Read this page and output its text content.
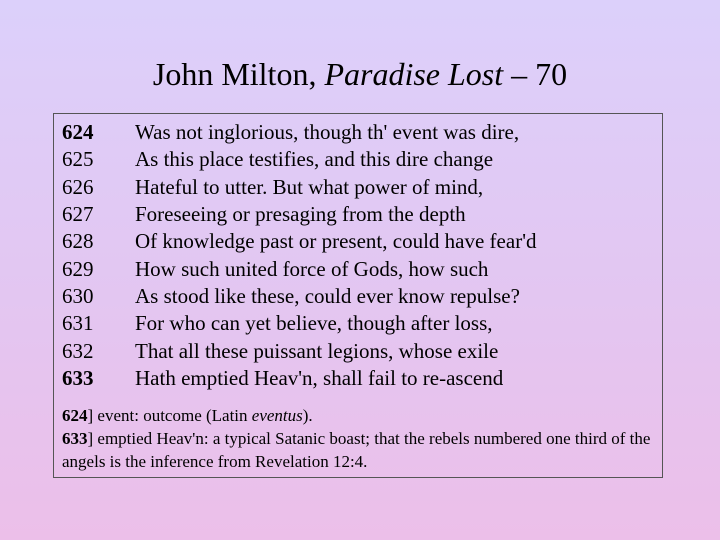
John Milton, Paradise Lost – 70
624	Was not inglorious, though th' event was dire,
625	As this place testifies, and this dire change
626	Hateful to utter. But what power of mind,
627	Foreseeing or presaging from the depth
628	Of knowledge past or present, could have fear'd
629	How such united force of Gods, how such
630	As stood like these, could ever know repulse?
631	For who can yet believe, though after loss,
632	That all these puissant legions, whose exile
633	Hath emptied Heav'n, shall fail to re-ascend
624] event: outcome (Latin eventus).
633] emptied Heav'n: a typical Satanic boast; that the rebels numbered one third of the angels is the inference from Revelation 12:4.
